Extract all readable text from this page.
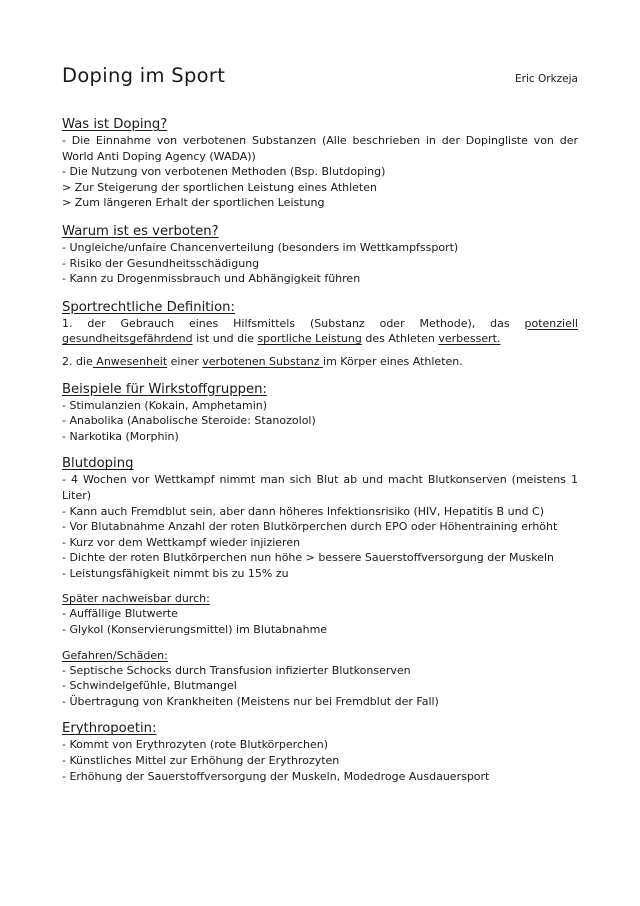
Doping im Sport	Eric Orkzeja
Was ist Doping?
- Die Einnahme von verbotenen Substanzen (Alle beschrieben in der Dopingliste von der World Anti Doping Agency (WADA))
- Die Nutzung von verbotenen Methoden (Bsp. Blutdoping)
> Zur Steigerung der sportlichen Leistung eines Athleten
> Zum längeren Erhalt der sportlichen Leistung
Warum ist es verboten?
- Ungleiche/unfaire Chancenverteilung (besonders im Wettkampfssport)
- Risiko der Gesundheitsschädigung
- Kann zu Drogenmissbrauch und Abhängigkeit führen
Sportrechtliche Definition:
1. der Gebrauch eines Hilfsmittels (Substanz oder Methode), das potenziell gesundheitsgefährdend ist und die sportliche Leistung des Athleten verbessert.
2. die Anwesenheit einer verbotenen Substanz im Körper eines Athleten.
Beispiele für Wirkstoffgruppen:
- Stimulanzien (Kokain, Amphetamin)
- Anabolika (Anabolische Steroide: Stanozolol)
- Narkotika (Morphin)
Blutdoping
- 4 Wochen vor Wettkampf nimmt man sich Blut ab und macht Blutkonserven (meistens 1 Liter)
- Kann auch Fremdblut sein, aber dann höheres Infektionsrisiko (HIV, Hepatitis B und C)
- Vor Blutabnahme Anzahl der roten Blutkörperchen durch EPO oder Höhentraining erhöht
- Kurz vor dem Wettkampf wieder injizieren
- Dichte der roten Blutkörperchen nun höhe > bessere Sauerstoffversorgung der Muskeln
- Leistungsfähigkeit nimmt bis zu 15% zu
Später nachweisbar durch:
- Auffällige Blutwerte
- Glykol (Konservierungsmittel) im Blutabnahme
Gefahren/Schäden:
- Septische Schocks durch Transfusion infizierter Blutkonserven
- Schwindelgefühle, Blutmangel
- Übertragung von Krankheiten (Meistens nur bei Fremdblut der Fall)
Erythropoetin:
- Kommt von Erythrozyten (rote Blutkörperchen)
- Künstliches Mittel zur Erhöhung der Erythrozyten
- Erhöhung der Sauerstoffversorgung der Muskeln, Modedroge Ausdauersport
